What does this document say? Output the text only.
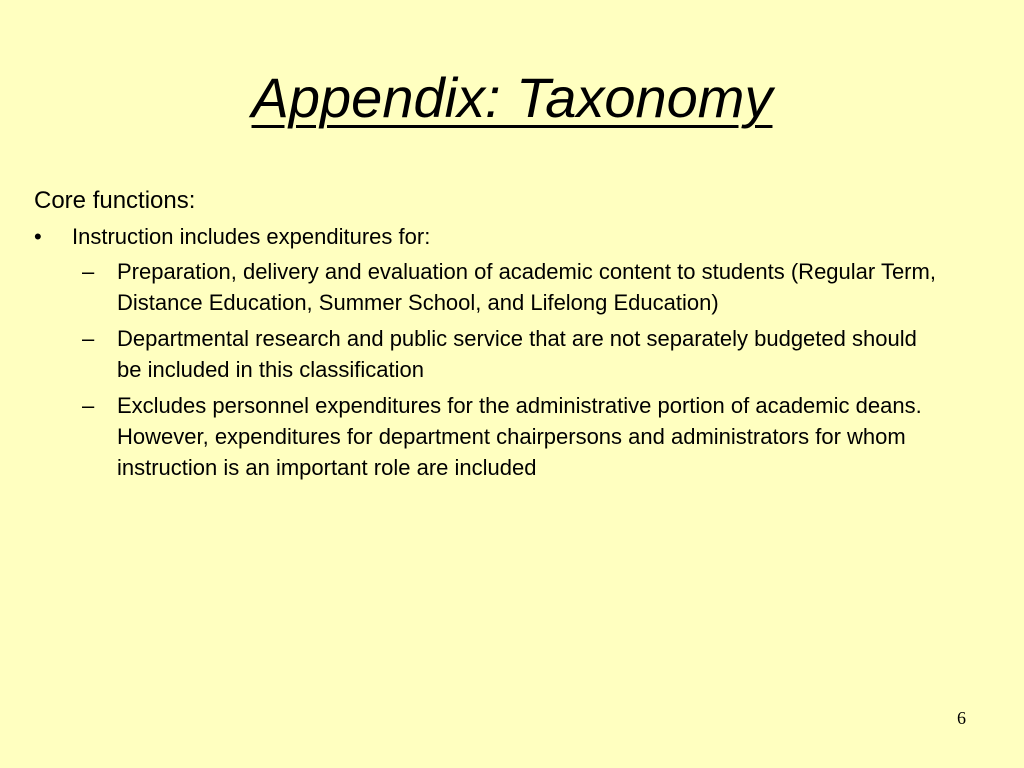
Appendix: Taxonomy
Core functions:
•	Instruction includes expenditures for:
–	Preparation, delivery and evaluation of academic content to students (Regular Term, Distance Education, Summer School, and Lifelong Education)
–	Departmental research and public service that are not separately budgeted should be included in this classification
–	Excludes personnel expenditures for the administrative portion of academic deans. However, expenditures for department chairpersons and administrators for whom instruction is an important role are included
6
